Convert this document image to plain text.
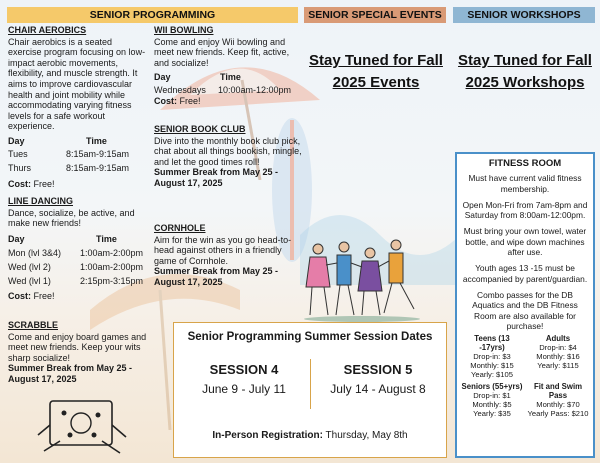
SENIOR PROGRAMMING	SENIOR SPECIAL EVENTS	SENIOR WORKSHOPS
CHAIR AEROBICS
Chair aerobics is a seated exercise program focusing on low-impact aerobic movements, flexibility, and muscle strength. It aims to improve cardiovascular health and joint mobility while accommodating varying fitness levels for a safe workout experience.
Day	Time
Tues	8:15am-9:15am
Thurs	8:15am-9:15am
Cost: Free!
LINE DANCING
Dance, socialize, be active, and make new friends!
Day	Time
Mon (lvl 3&4)	1:00am-2:00pm
Wed (lvl 2)	1:00am-2:00pm
Wed (lvl 1)	2:15pm-3:15pm
Cost: Free!
SCRABBLE
Come and enjoy board games and meet new friends. Keep your wits sharp socialize!
Summer Break from May 25 - August 17, 2025
WII BOWLING
Come and enjoy Wii bowling and meet new friends. Keep fit, active, and socialize!
Day	Time
Wednesdays	10:00am-12:00pm
Cost: Free!
SENIOR BOOK CLUB
Dive into the monthly book club pick, chat about all things bookish, mingle, and let the good times roll!
Summer Break from May 25 - August 17, 2025
CORNHOLE
Aim for the win as you go head-to-head against others in a friendly game of Cornhole.
Summer Break from May 25 - August 17, 2025
Stay Tuned for Fall
2025 Events
Stay Tuned for Fall
2025 Workshops
FITNESS ROOM

Must have current valid fitness membership.

Open Mon-Fri from 7am-8pm and Saturday from 8:00am-12:00pm.

Must bring your own towel, water bottle, and wipe down machines after use.

Youth ages 13 -15 must be accompanied by parent/guardian.

Combo passes for the DB Aquatics and the DB Fitness Room are also available for purchase!

Teens (13 -17yrs)
Drop-in: $3
Monthly: $15
Yearly: $105
Adults
Drop-in: $4
Monthly: $16
Yearly: $115
Seniors (55+yrs)
Drop-in: $1
Monthly: $5
Yearly: $35
Fit and Swim Pass
Monthly: $70
Yearly Pass: $210
Senior Programming Summer Session Dates
SESSION 4
June 9 - July 11
SESSION 5
July 14 - August 8
In-Person Registration: Thursday, May 8th
